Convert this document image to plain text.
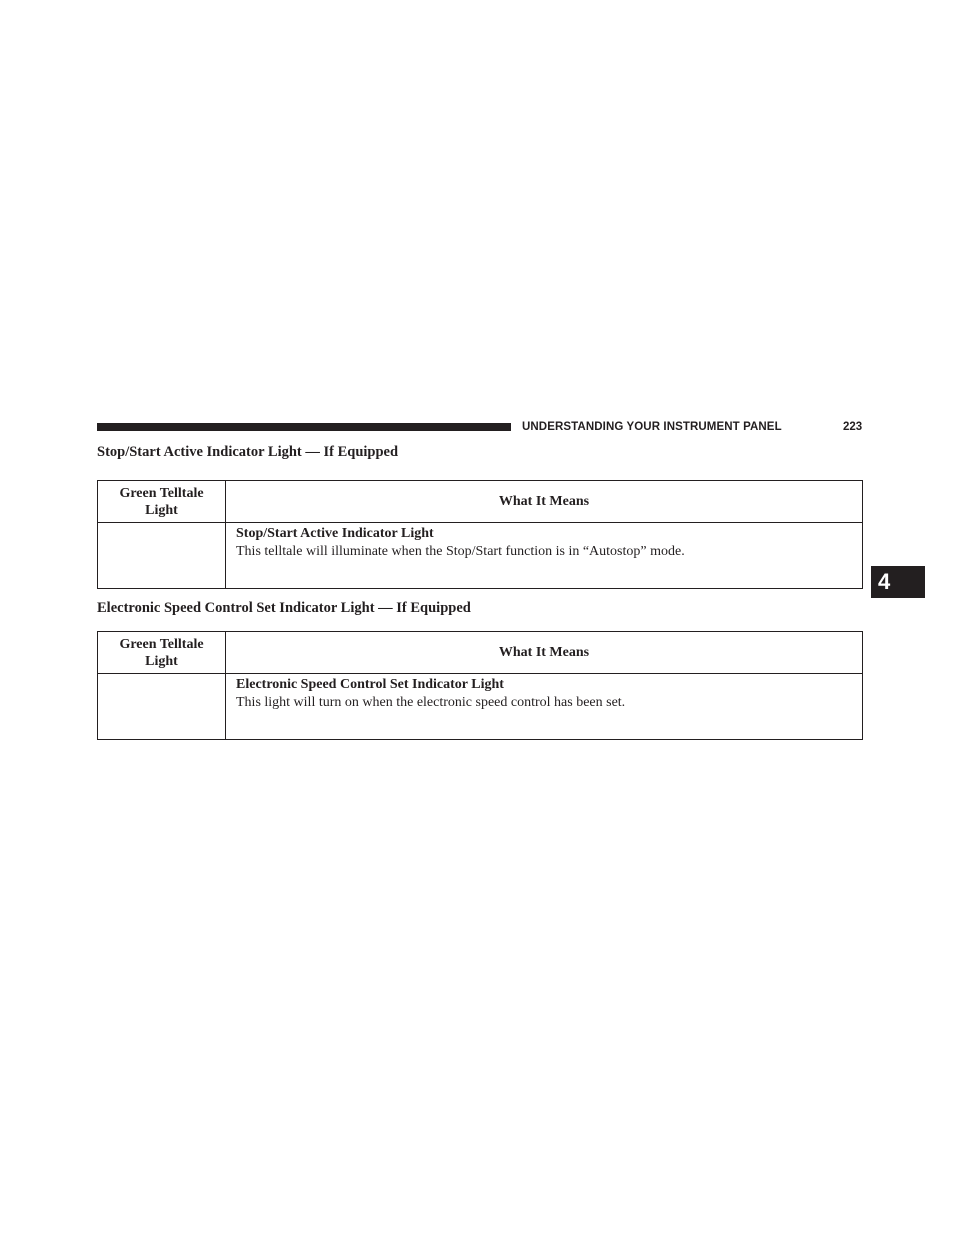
UNDERSTANDING YOUR INSTRUMENT PANEL	223
4
Stop/Start Active Indicator Light — If Equipped
Green Telltale
Light	What It Means

	Stop/Start Active Indicator Light
This telltale will illuminate when the Stop/Start function is in “Autostop” mode.
Electronic Speed Control Set Indicator Light — If Equipped
Green Telltale
Light	What It Means

	Electronic Speed Control Set Indicator Light
This light will turn on when the electronic speed control has been set.
